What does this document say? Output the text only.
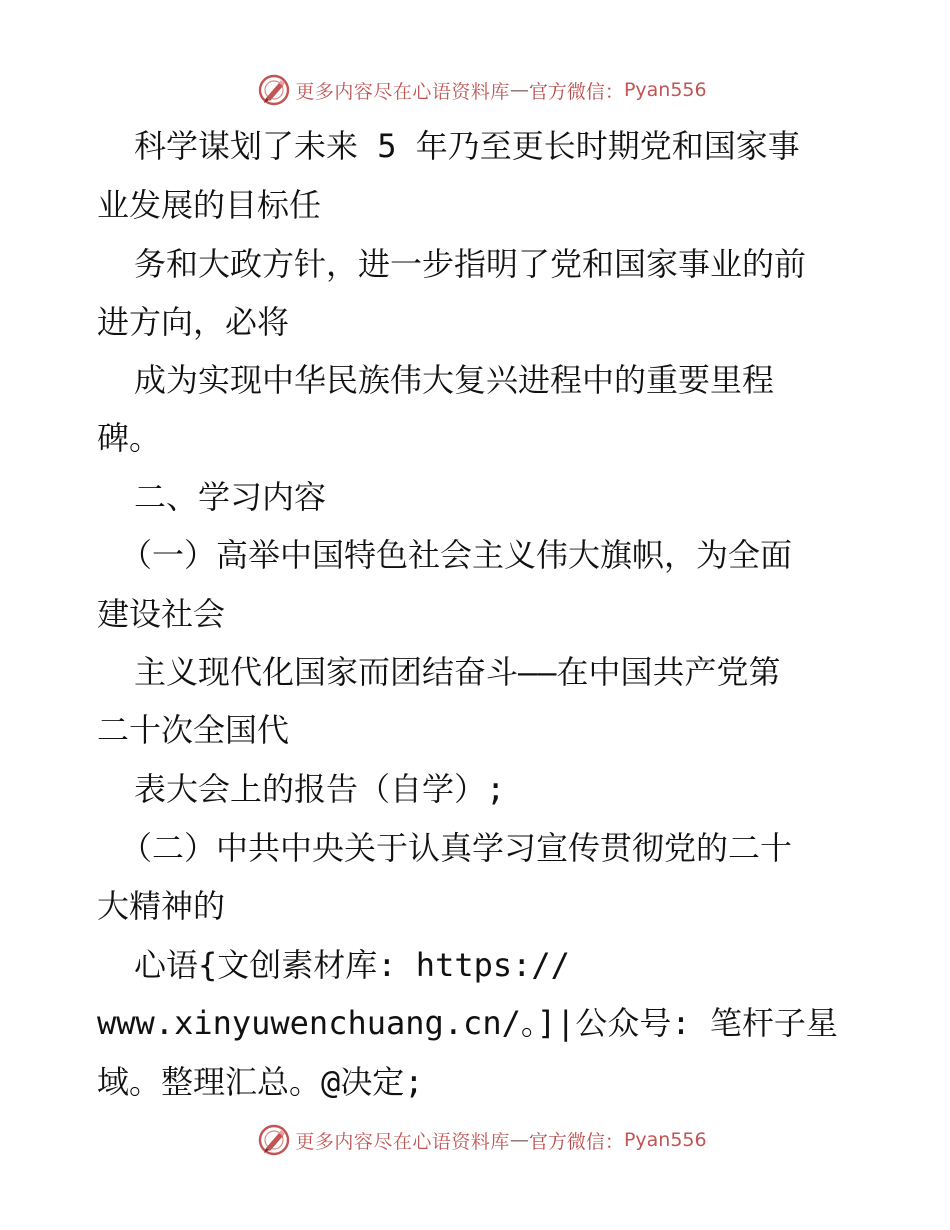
更多内容尽在心语资料库 — 官方微信： Pyan556
科学谋划了未来 5 年乃至更长时期党和国家事
业发展的目标任
务和大政方针，进一步指明了党和国家事业的前
进方向，必将
成为实现中华民族伟大复兴进程中的重要里程
碑。
二、学习内容
（一）高举中国特色社会主义伟大旗帜，为全面
建设社会
主义现代化国家而团结奋斗——在中国共产党第
二十次全国代
表大会上的报告（自学）;
（二）中共中央关于认真学习宣传贯彻党的二十
大精神的
心语{文创素材库: https://
www.xinyuwenchuang.cn/。]|公众号: 笔杆子星
域。整理汇总。@决定;
更多内容尽在心语资料库 — 官方微信： Pyan556
